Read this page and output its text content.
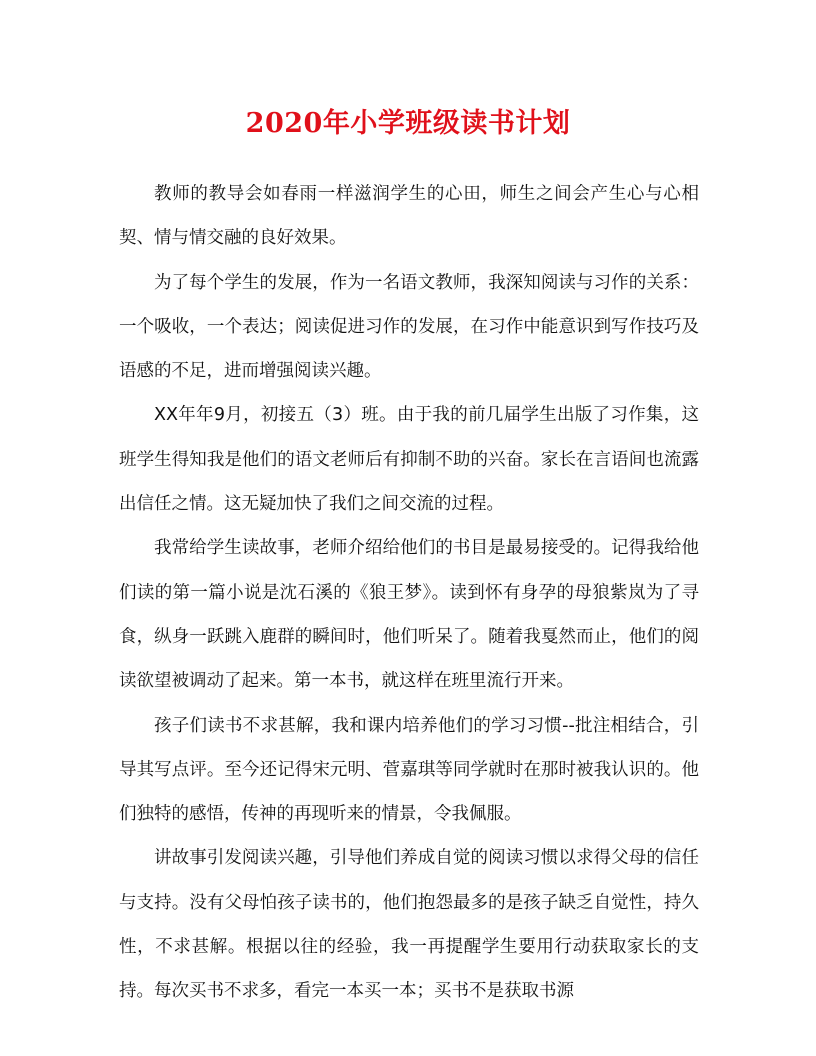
2020年小学班级读书计划

教师的教导会如春雨一样滋润学生的心田，师生之间会产生心与心相契、情与情交融的良好效果。

为了每个学生的发展，作为一名语文教师，我深知阅读与习作的关系：一个吸收，一个表达；阅读促进习作的发展，在习作中能意识到写作技巧及语感的不足，进而增强阅读兴趣。

XX年年9月，初接五（3）班。由于我的前几届学生出版了习作集，这班学生得知我是他们的语文老师后有抑制不助的兴奋。家长在言语间也流露出信任之情。这无疑加快了我们之间交流的过程。

我常给学生读故事，老师介绍给他们的书目是最易接受的。记得我给他们读的第一篇小说是沈石溪的《狼王梦》。读到怀有身孕的母狼紫岚为了寻食，纵身一跃跳入鹿群的瞬间时，他们听呆了。随着我戛然而止，他们的阅读欲望被调动了起来。第一本书，就这样在班里流行开来。

孩子们读书不求甚解，我和课内培养他们的学习习惯--批注相结合，引导其写点评。至今还记得宋元明、菅嘉琪等同学就时在那时被我认识的。他们独特的感悟，传神的再现听来的情景，令我佩服。

讲故事引发阅读兴趣，引导他们养成自觉的阅读习惯以求得父母的信任与支持。没有父母怕孩子读书的，他们抱怨最多的是孩子缺乏自觉性，持久性，不求甚解。根据以往的经验，我一再提醒学生要用行动获取家长的支持。每次买书不求多，看完一本买一本；买书不是获取书源
